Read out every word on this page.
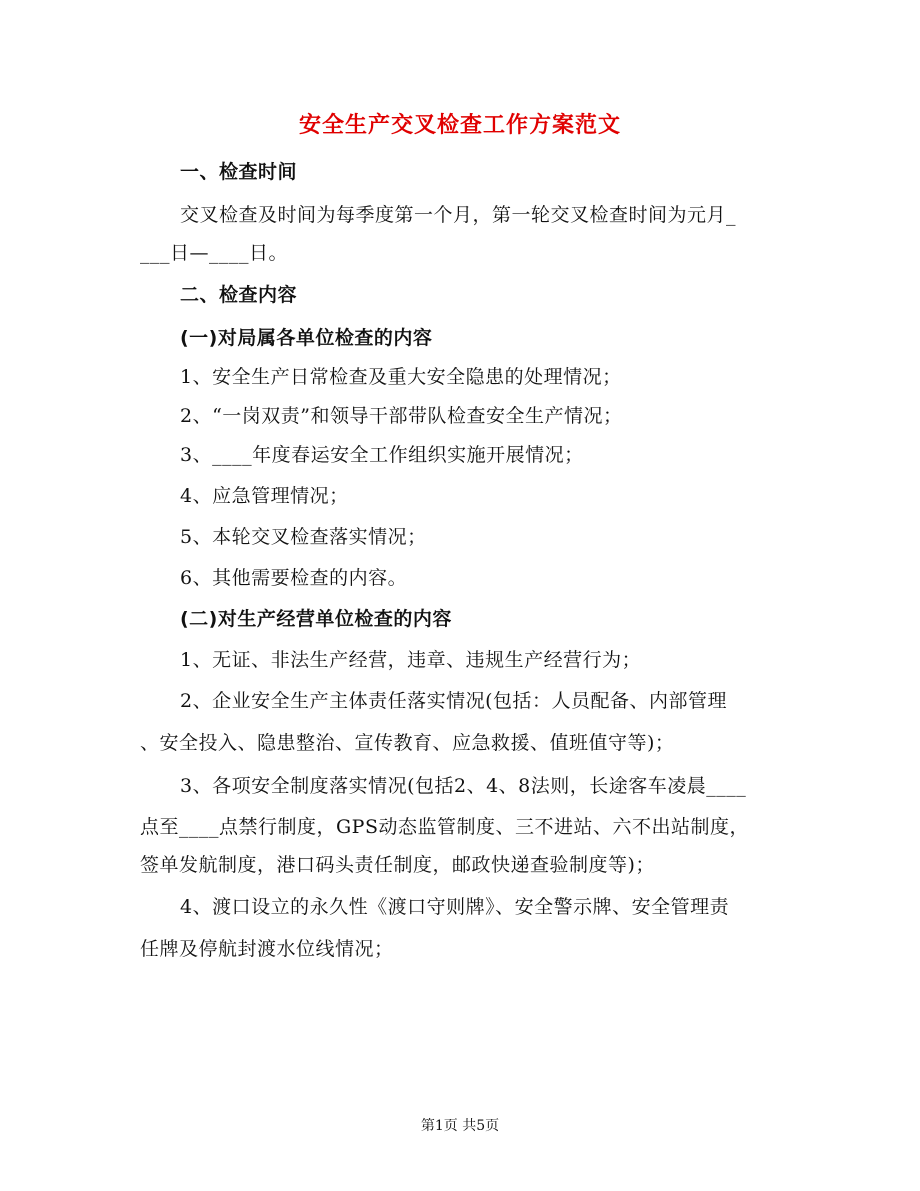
安全生产交叉检查工作方案范文
一、检查时间
交叉检查及时间为每季度第一个月，第一轮交叉检查时间为元月_
___日—____日。
二、检查内容
(一)对局属各单位检查的内容
1、安全生产日常检查及重大安全隐患的处理情况；
2、“一岗双责”和领导干部带队检查安全生产情况；
3、____年度春运安全工作组织实施开展情况；
4、应急管理情况；
5、本轮交叉检查落实情况；
6、其他需要检查的内容。
(二)对生产经营单位检查的内容
1、无证、非法生产经营，违章、违规生产经营行为；
2、企业安全生产主体责任落实情况(包括：人员配备、内部管理
、安全投入、隐患整治、宣传教育、应急救援、值班值守等)；
3、各项安全制度落实情况(包括2、4、8法则，长途客车凌晨____
点至____点禁行制度，GPS动态监管制度、三不进站、六不出站制度，
签单发航制度，港口码头责任制度，邮政快递查验制度等)；
4、渡口设立的永久性《渡口守则牌》、安全警示牌、安全管理责
任牌及停航封渡水位线情况；
第1页 共5页
